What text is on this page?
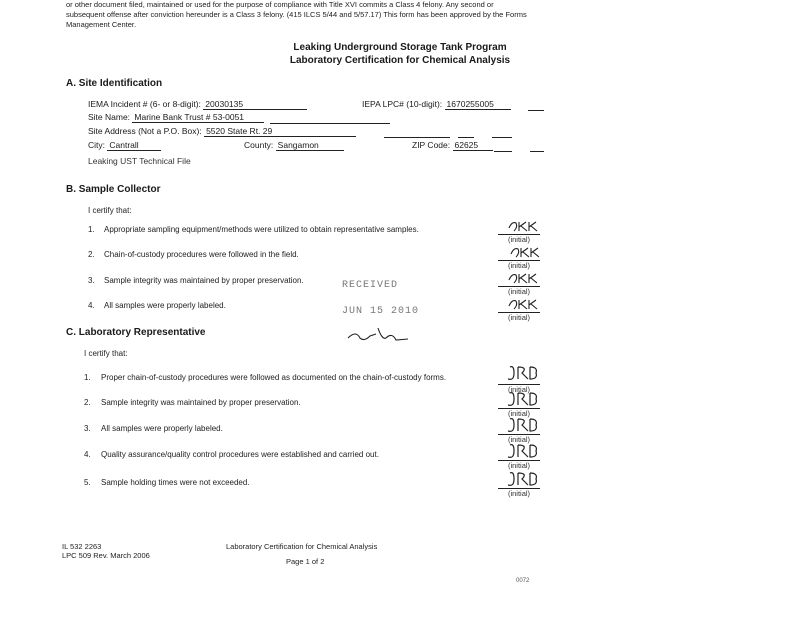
or other document filed, maintained or used for the purpose of compliance with Title XVI commits a Class 4 felony. Any second or
subsequent offense after conviction hereunder is a Class 3 felony. (415 ILCS 5/44 and 5/57.17) This form has been approved by the Forms
Management Center.
Leaking Underground Storage Tank Program
Laboratory Certification for Chemical Analysis
A. Site Identification
IEMA Incident # (6- or 8-digit): 20030135	IEPA LPC# (10-digit): 1670255005
Site Name: Marine Bank Trust # 53-0051
Site Address (Not a P.O. Box): 5520 State Rt. 29
City: Cantrall	County: Sangamon	ZIP Code: 62625
Leaking UST Technical File
B. Sample Collector
I certify that:
1. Appropriate sampling equipment/methods were utilized to obtain representative samples.
2. Chain-of-custody procedures were followed in the field.
3. Sample integrity was maintained by proper preservation.
4. All samples were properly labeled.
(initial)
(initial)
(initial)
(initial)
RECEIVED
JUN 15 2010
C. Laboratory Representative
I certify that:
1. Proper chain-of-custody procedures were followed as documented on the chain-of-custody forms.
2. Sample integrity was maintained by proper preservation.
3. All samples were properly labeled.
4. Quality assurance/quality control procedures were established and carried out.
5. Sample holding times were not exceeded.
(initial)
(initial)
(initial)
(initial)
(initial)
IL 532 2263
LPC 509 Rev. March 2006
Laboratory Certification for Chemical Analysis
Page 1 of 2
0072
